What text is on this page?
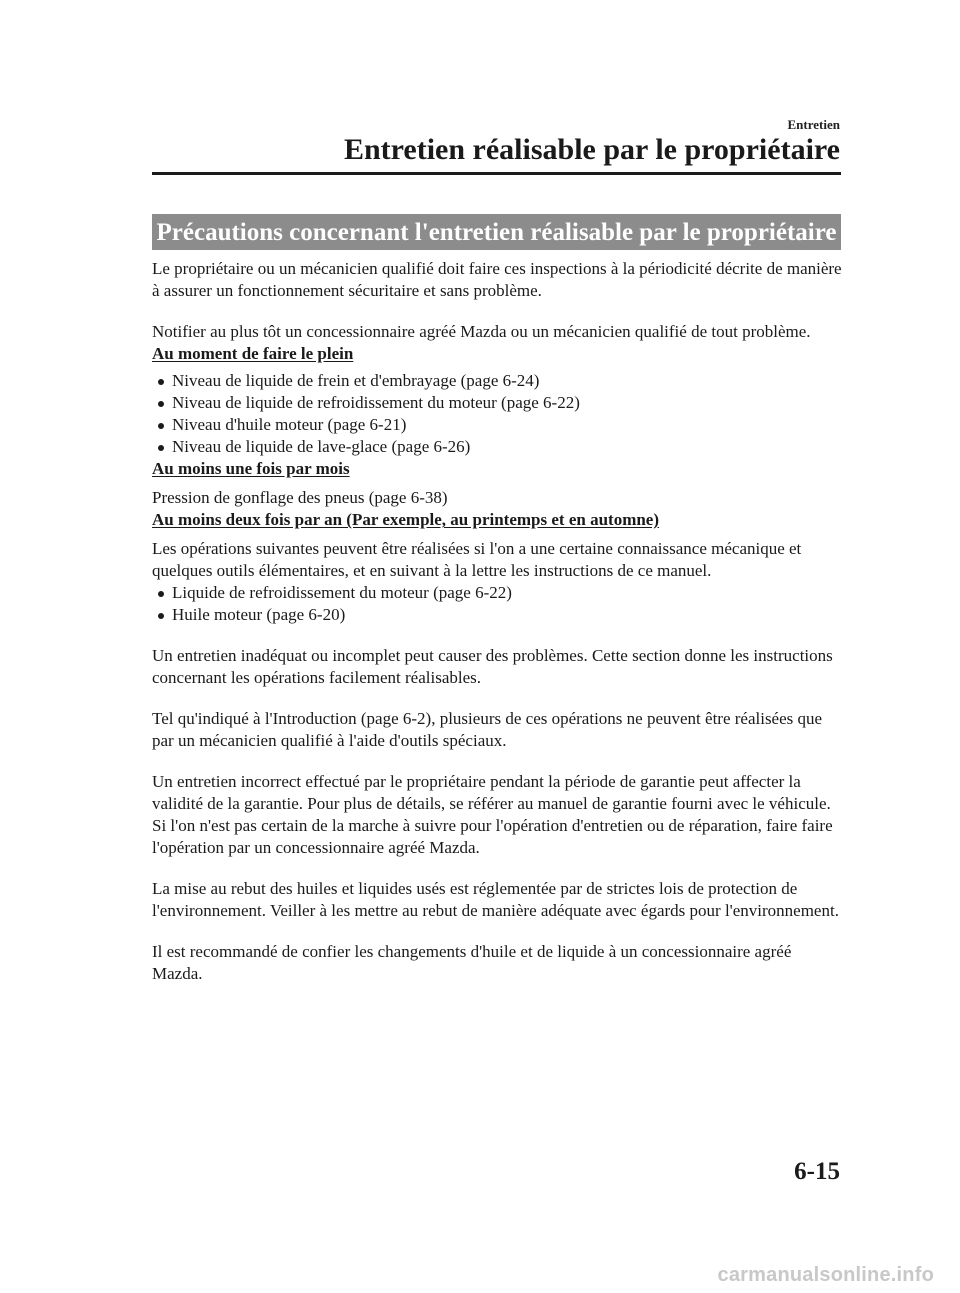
Entretien
Entretien réalisable par le propriétaire
Précautions concernant l'entretien réalisable par le propriétaire

Le propriétaire ou un mécanicien qualifié doit faire ces inspections à la périodicité décrite de manière à assurer un fonctionnement sécuritaire et sans problème.

Notifier au plus tôt un concessionnaire agréé Mazda ou un mécanicien qualifié de tout problème.

Au moment de faire le plein

Niveau de liquide de frein et d'embrayage (page 6-24)
Niveau de liquide de refroidissement du moteur (page 6-22)
Niveau d'huile moteur (page 6-21)
Niveau de liquide de lave-glace (page 6-26)

Au moins une fois par mois

Pression de gonflage des pneus (page 6-38)

Au moins deux fois par an (Par exemple, au printemps et en automne)

Les opérations suivantes peuvent être réalisées si l'on a une certaine connaissance mécanique et quelques outils élémentaires, et en suivant à la lettre les instructions de ce manuel.

Liquide de refroidissement du moteur (page 6-22)
Huile moteur (page 6-20)

Un entretien inadéquat ou incomplet peut causer des problèmes. Cette section donne les instructions concernant les opérations facilement réalisables.

Tel qu'indiqué à l'Introduction (page 6-2), plusieurs de ces opérations ne peuvent être réalisées que par un mécanicien qualifié à l'aide d'outils spéciaux.

Un entretien incorrect effectué par le propriétaire pendant la période de garantie peut affecter la validité de la garantie. Pour plus de détails, se référer au manuel de garantie fourni avec le véhicule. Si l'on n'est pas certain de la marche à suivre pour l'opération d'entretien ou de réparation, faire faire l'opération par un concessionnaire agréé Mazda.

La mise au rebut des huiles et liquides usés est réglementée par de strictes lois de protection de l'environnement. Veiller à les mettre au rebut de manière adéquate avec égards pour l'environnement.

Il est recommandé de confier les changements d'huile et de liquide à un concessionnaire agréé Mazda.

6-15
carmanualsonline.info
